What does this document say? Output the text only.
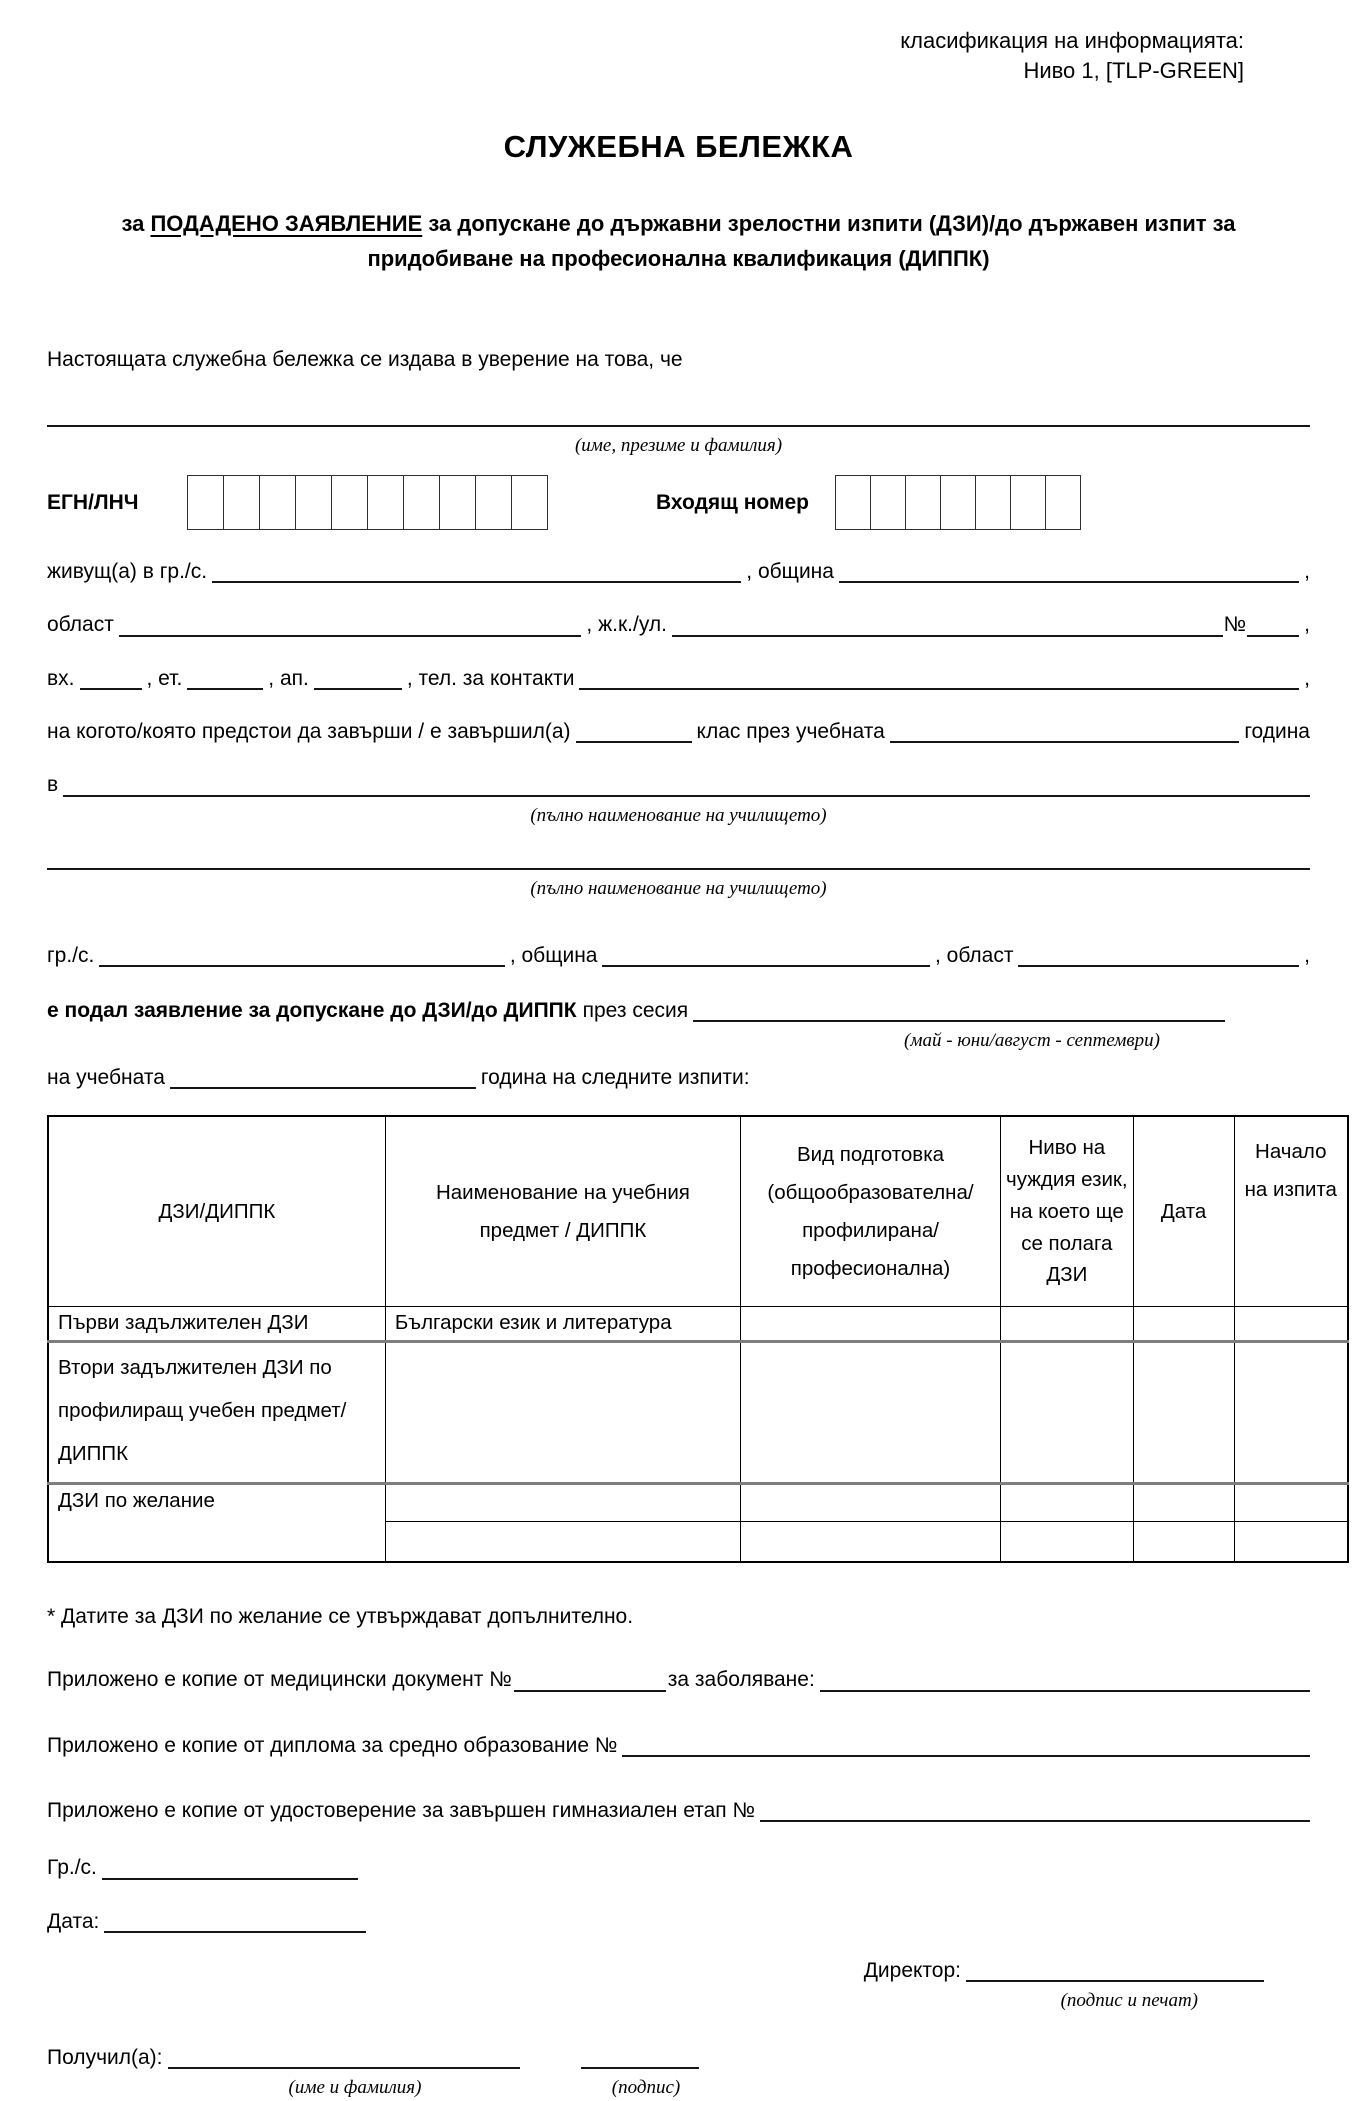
класификация на информацията:
Ниво 1, [TLP-GREEN]
СЛУЖЕБНА БЕЛЕЖКА
за ПОДАДЕНО ЗАЯВЛЕНИЕ за допускане до държавни зрелостни изпити (ДЗИ)/до държавен изпит за придобиване на професионална квалификация (ДИППК)
Настоящата служебна бележка се издава в уверение на това, че
(име, презиме и фамилия)
ЕГН/ЛНЧ	Входящ номер
живущ(а) в гр./с.	, община	,
област	, ж.к./ул.	№	,
вх.	, ет.	, ап.	, тел. за контакти	,
на когото/която предстои да завърши / е завършил(а)	клас през учебната	година
в
(пълно наименование на училището)
(пълно наименование на училището)
гр./с.	, община	, област	,
е подал заявление за допускане до ДЗИ/до ДИППК през сесия
(май - юни/август - септември)
на учебната	година на следните изпити:
ДЗИ/ДИППК	Наименование на учебния предмет / ДИППК	Вид подготовка (общообразователна/ профилирана/ професионална)	Ниво на чуждия език, на което ще се полага ДЗИ	Дата	Начало на изпита
Първи задължителен ДЗИ	Български език и литература				
Втори задължителен ДЗИ по профилиращ учебен предмет/ДИППК					
ДЗИ по желание					

* Датите за ДЗИ по желание се утвърждават допълнително.
Приложено е копие от медицински документ №	за заболяване:
Приложено е копие от диплома за средно образование №
Приложено е копие от удостоверение за завършен гимназиален етап №
Гр./с.
Дата:
Директор:
(подпис и печат)
Получил(а):
(име и фамилия)	(подпис)
